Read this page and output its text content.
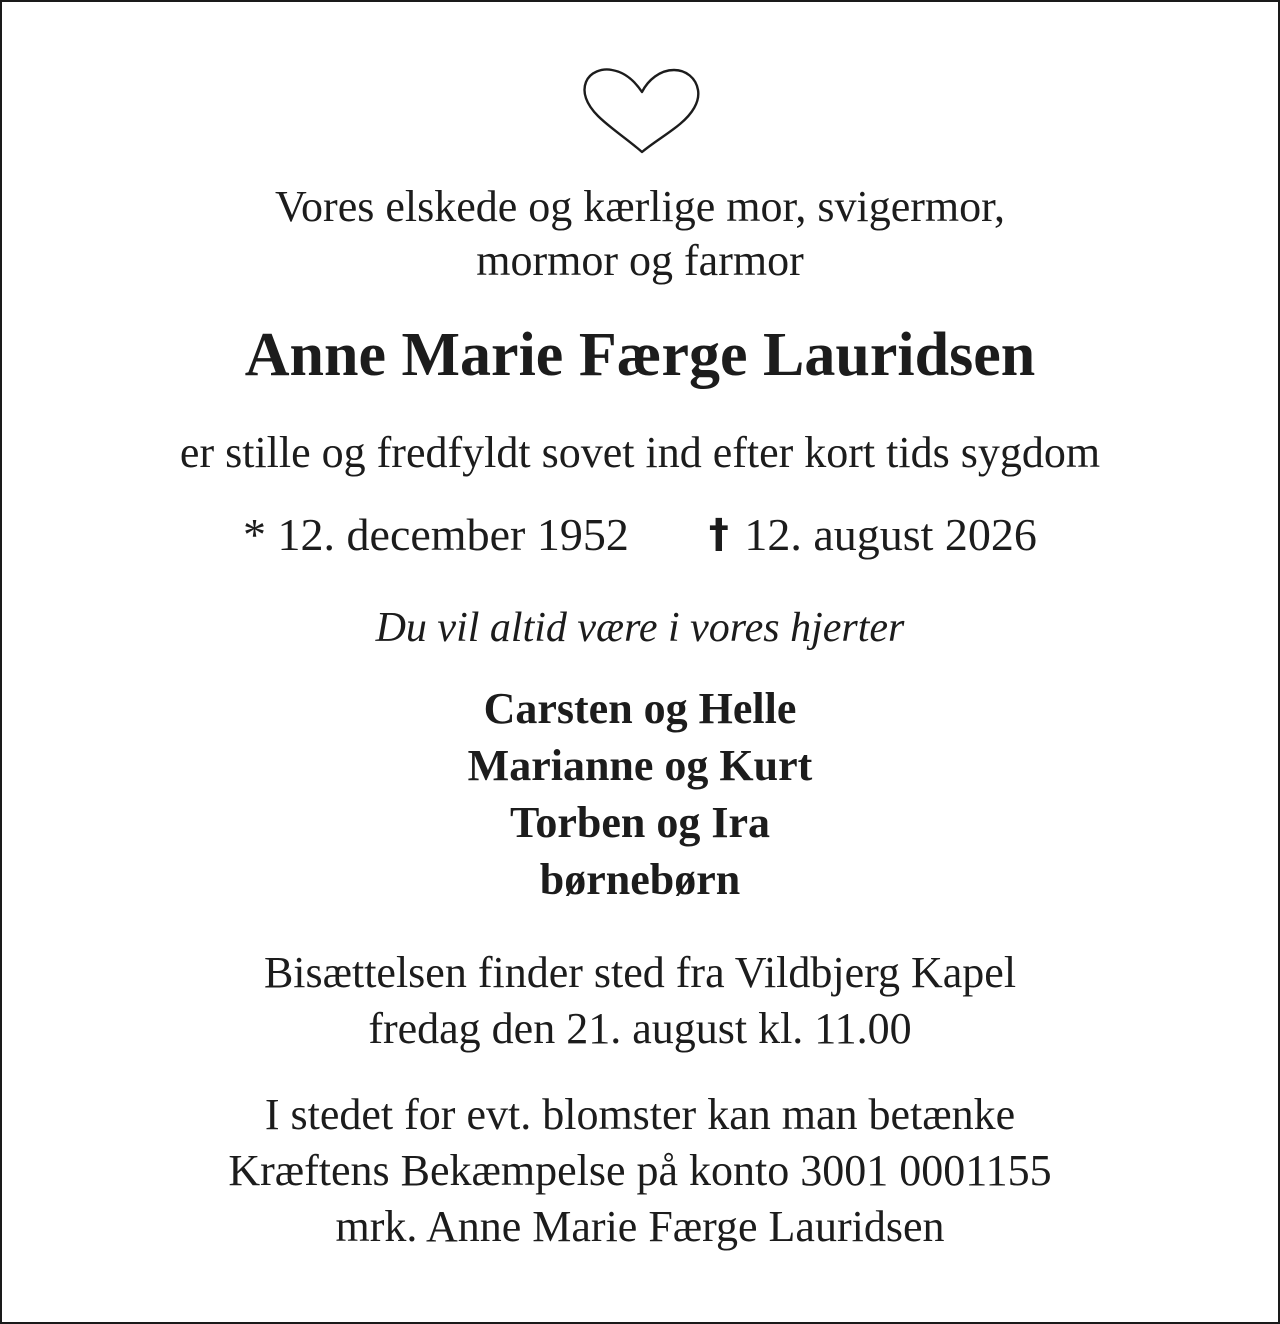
Vores elskede og kærlige mor, svigermor,
mormor og farmor
Anne Marie Færge Lauridsen
er stille og fredfyldt sovet ind efter kort tids sygdom
* 12. december 1952 † 12. august 2026
Du vil altid være i vores hjerter
Carsten og Helle
Marianne og Kurt
Torben og Ira
børnebørn
Bisættelsen finder sted fra Vildbjerg Kapel
fredag den 21. august kl. 11.00
I stedet for evt. blomster kan man betænke
Kræftens Bekæmpelse på konto 3001 0001155
mrk. Anne Marie Færge Lauridsen
